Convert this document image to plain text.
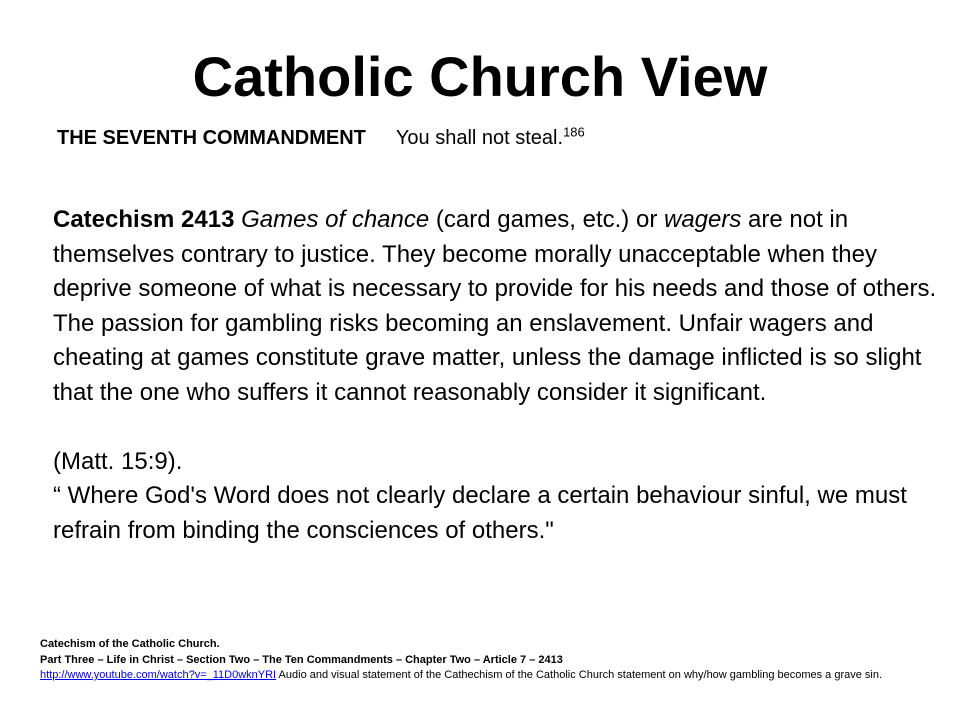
Catholic Church View
THE SEVENTH COMMANDMENT You shall not steal.$^{186}$

Catechism 2413 Games of chance (card games, etc.) or wagers are not in themselves contrary to justice. They become morally unacceptable when they deprive someone of what is necessary to provide for his needs and those of others. The passion for gambling risks becoming an enslavement. Unfair wagers and cheating at games constitute grave matter, unless the damage inflicted is so slight that the one who suffers it cannot reasonably consider it significant.

(Matt. 15:9).

“ Where God's Word does not clearly declare a certain behaviour sinful, we must refrain from binding the consciences of others."

Catechism of the Catholic Church.
Part Three – Life in Christ – Section Two – The Ten Commandments – Chapter Two – Article 7 – 2413
http://www.youtube.com/watch?v=_11D0wknYRI Audio and visual statement of the Cathechism of the Catholic Church statement on why/how gambling becomes a grave sin.
